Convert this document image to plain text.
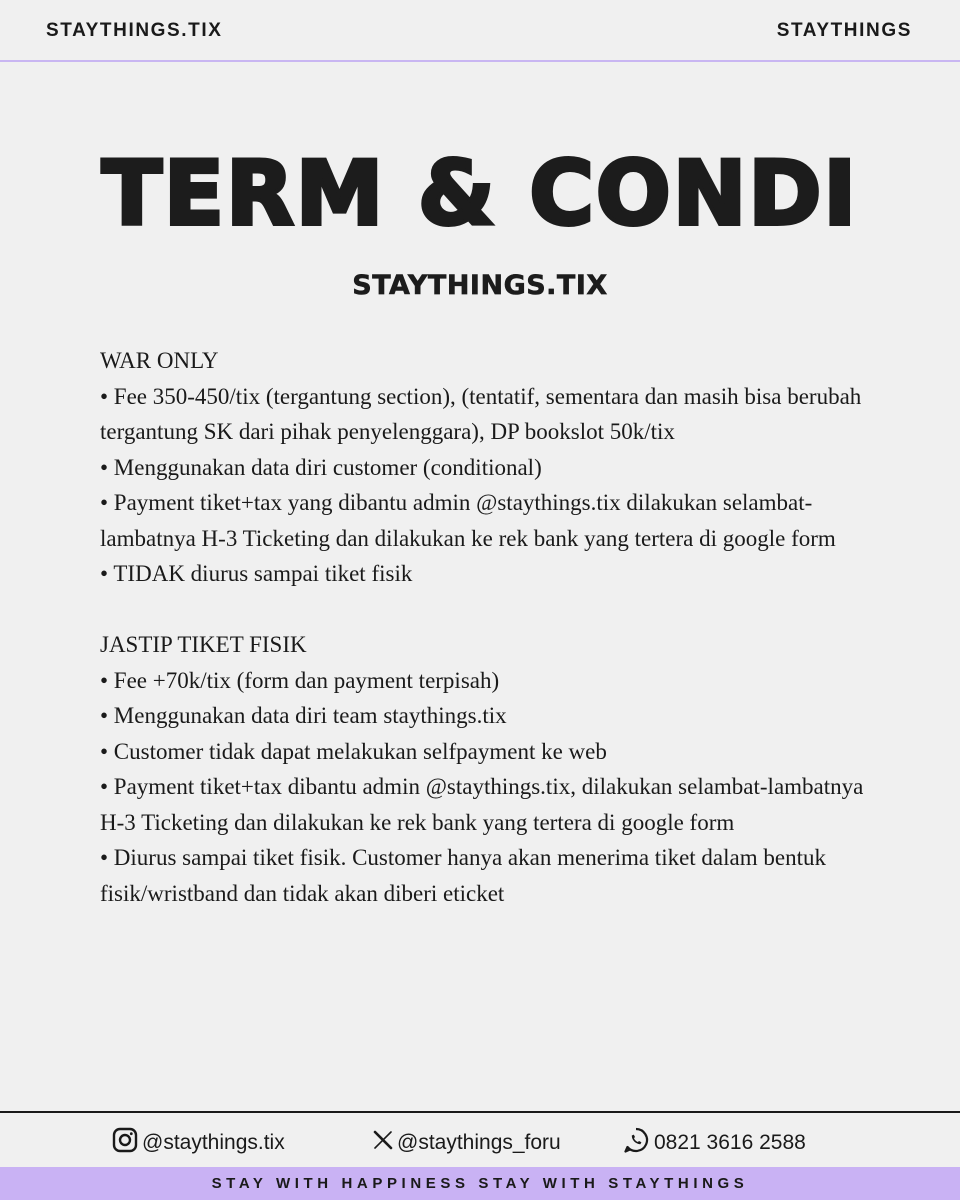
STAYTHINGS.TIX	STAYTHINGS
TERM & CONDI
STAYTHINGS.TIX

WAR ONLY

• Fee 350-450/tix (tergantung section), (tentatif, sementara dan masih bisa berubah tergantung SK dari pihak penyelenggara), DP bookslot 50k/tix

• Menggunakan data diri customer (conditional)

• Payment tiket+tax yang dibantu admin @staythings.tix dilakukan selambat-lambatnya H-3 Ticketing dan dilakukan ke rek bank yang tertera di google form

• TIDAK diurus sampai tiket fisik

JASTIP TIKET FISIK

• Fee +70k/tix (form dan payment terpisah)

• Menggunakan data diri team staythings.tix

• Customer tidak dapat melakukan selfpayment ke web

• Payment tiket+tax dibantu admin @staythings.tix, dilakukan selambat-lambatnya H-3 Ticketing dan dilakukan ke rek bank yang tertera di google form

• Diurus sampai tiket fisik. Customer hanya akan menerima tiket dalam bentuk fisik/wristband dan tidak akan diberi eticket

@staythings.tix	@staythings_foru	0821 3616 2588
STAY WITH HAPPINESS STAY WITH STAYTHINGS
